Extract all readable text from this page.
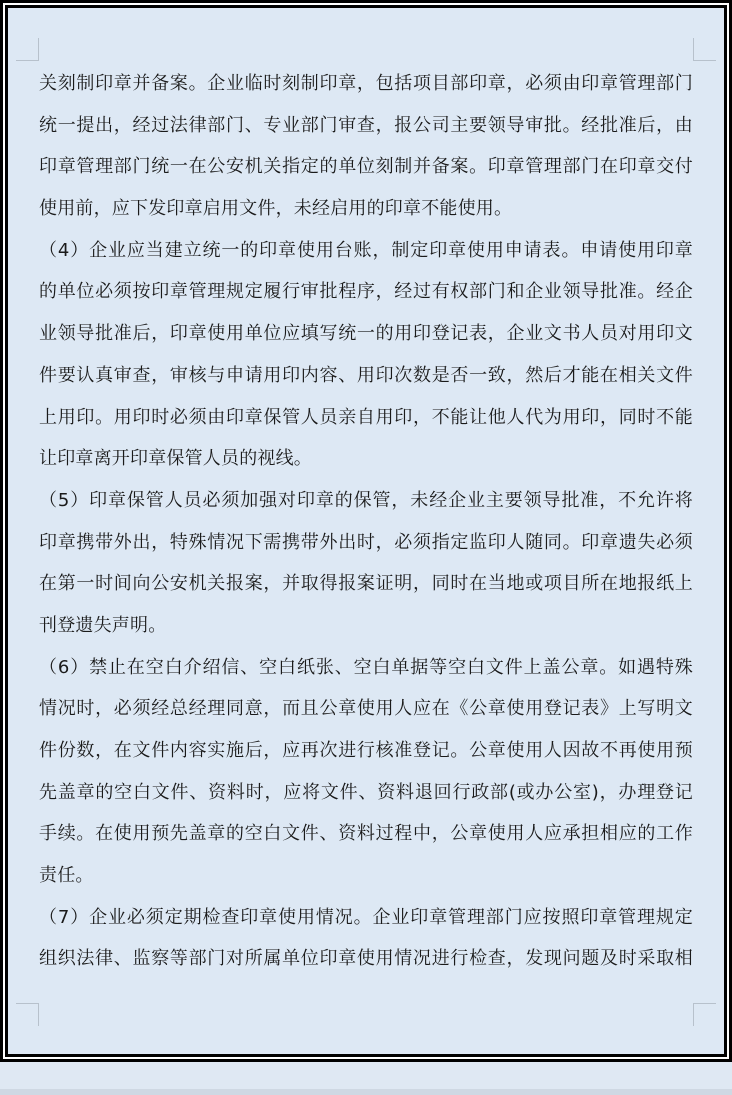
关刻制印章并备案。企业临时刻制印章，包括项目部印章，必须由印章管理部门
统一提出，经过法律部门、专业部门审查，报公司主要领导审批。经批准后，由
印章管理部门统一在公安机关指定的单位刻制并备案。印章管理部门在印章交付
使用前，应下发印章启用文件，未经启用的印章不能使用。
（4）企业应当建立统一的印章使用台账，制定印章使用申请表。申请使用印章
的单位必须按印章管理规定履行审批程序，经过有权部门和企业领导批准。经企
业领导批准后，印章使用单位应填写统一的用印登记表，企业文书人员对用印文
件要认真审查，审核与申请用印内容、用印次数是否一致，然后才能在相关文件
上用印。用印时必须由印章保管人员亲自用印，不能让他人代为用印，同时不能
让印章离开印章保管人员的视线。
（5）印章保管人员必须加强对印章的保管，未经企业主要领导批准，不允许将
印章携带外出，特殊情况下需携带外出时，必须指定监印人随同。印章遗失必须
在第一时间向公安机关报案，并取得报案证明，同时在当地或项目所在地报纸上
刊登遗失声明。
（6）禁止在空白介绍信、空白纸张、空白单据等空白文件上盖公章。如遇特殊
情况时，必须经总经理同意，而且公章使用人应在《公章使用登记表》上写明文
件份数，在文件内容实施后，应再次进行核准登记。公章使用人因故不再使用预
先盖章的空白文件、资料时，应将文件、资料退回行政部(或办公室)，办理登记
手续。在使用预先盖章的空白文件、资料过程中，公章使用人应承担相应的工作
责任。
（7）企业必须定期检查印章使用情况。企业印章管理部门应按照印章管理规定
组织法律、监察等部门对所属单位印章使用情况进行检查，发现问题及时采取相
